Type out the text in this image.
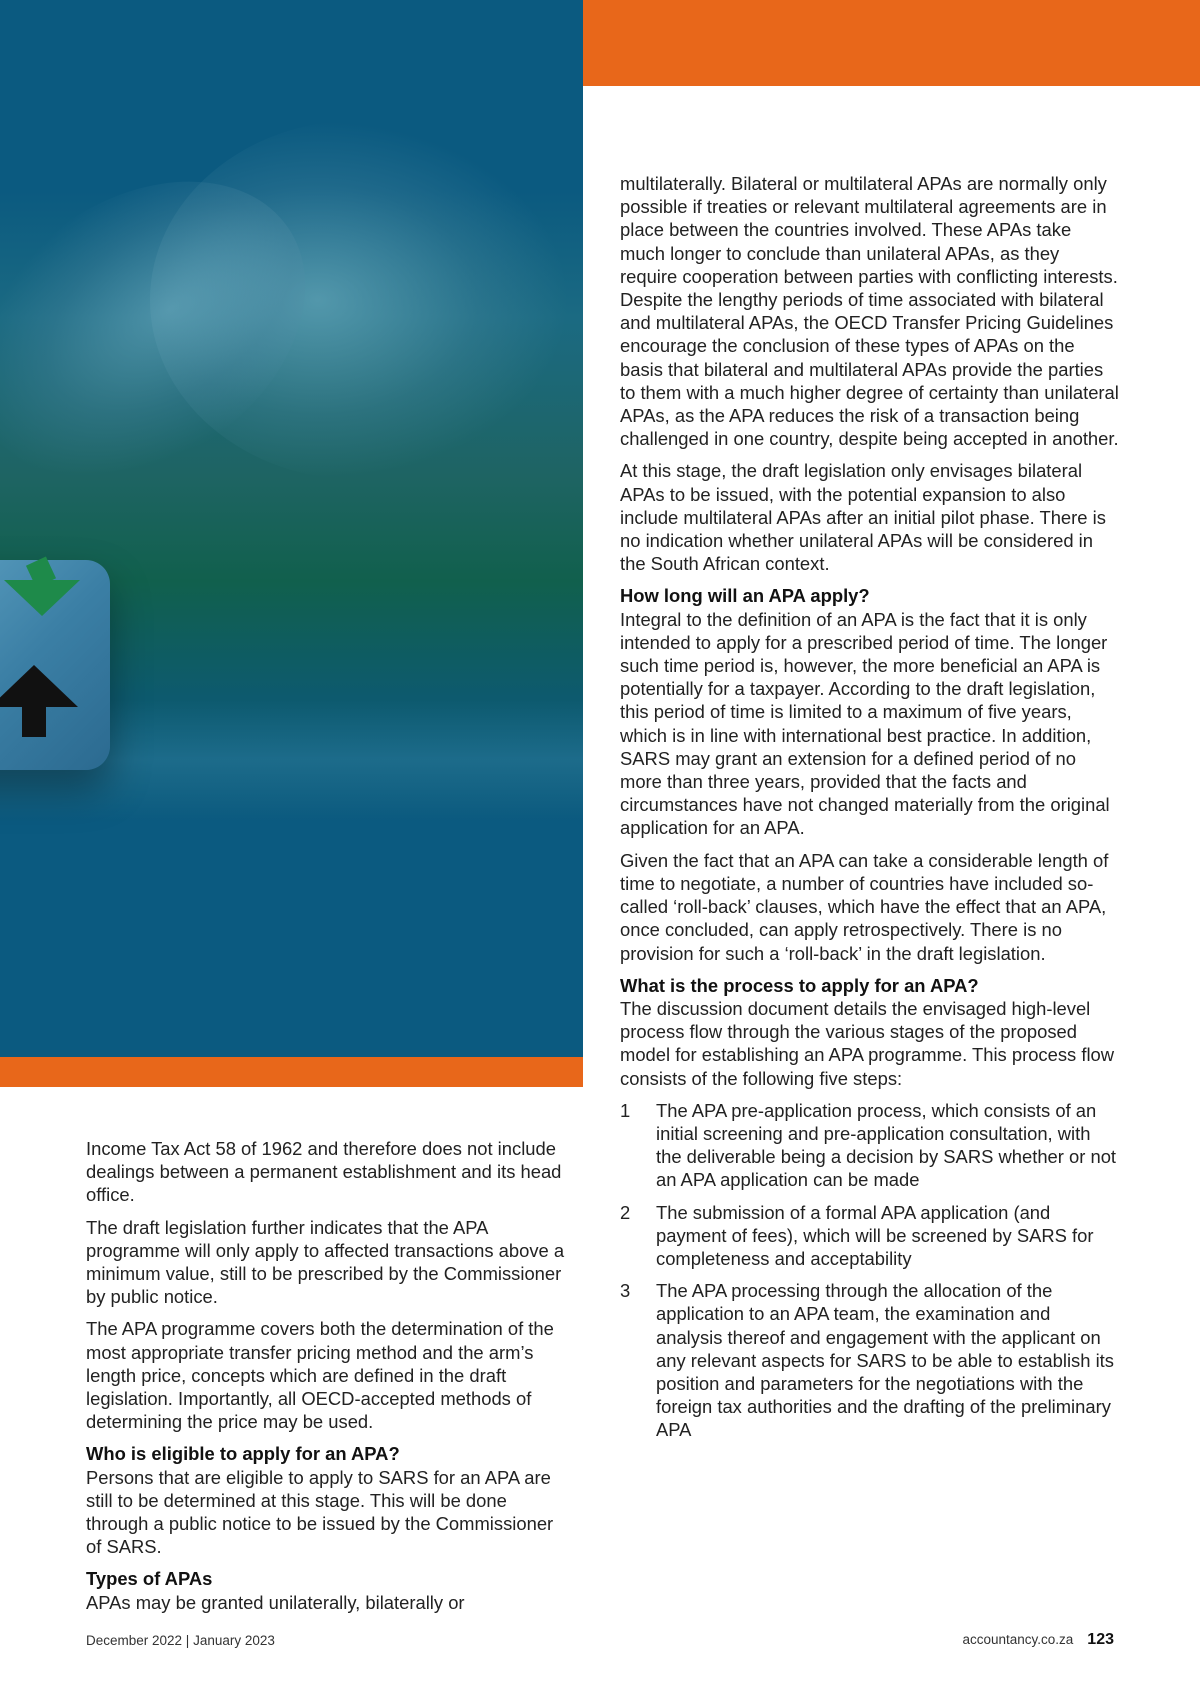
Income Tax Act 58 of 1962 and therefore does not include dealings between a permanent establishment and its head office.

The draft legislation further indicates that the APA programme will only apply to affected transactions above a minimum value, still to be prescribed by the Commissioner by public notice.

The APA programme covers both the determination of the most appropriate transfer pricing method and the arm’s length price, concepts which are defined in the draft legislation. Importantly, all OECD-accepted methods of determining the price may be used.

Who is eligible to apply for an APA?

Persons that are eligible to apply to SARS for an APA are still to be determined at this stage. This will be done through a public notice to be issued by the Commissioner of SARS.

Types of APAs

APAs may be granted unilaterally, bilaterally or

multilaterally. Bilateral or multilateral APAs are normally only possible if treaties or relevant multilateral agreements are in place between the countries involved. These APAs take much longer to conclude than unilateral APAs, as they require cooperation between parties with conflicting interests. Despite the lengthy periods of time associated with bilateral and multilateral APAs, the OECD Transfer Pricing Guidelines encourage the conclusion of these types of APAs on the basis that bilateral and multilateral APAs provide the parties to them with a much higher degree of certainty than unilateral APAs, as the APA reduces the risk of a transaction being challenged in one country, despite being accepted in another.

At this stage, the draft legislation only envisages bilateral APAs to be issued, with the potential expansion to also include multilateral APAs after an initial pilot phase. There is no indication whether unilateral APAs will be considered in the South African context.

How long will an APA apply?

Integral to the definition of an APA is the fact that it is only intended to apply for a prescribed period of time. The longer such time period is, however, the more beneficial an APA is potentially for a taxpayer. According to the draft legislation, this period of time is limited to a maximum of five years, which is in line with international best practice. In addition, SARS may grant an extension for a defined period of no more than three years, provided that the facts and circumstances have not changed materially from the original application for an APA.

Given the fact that an APA can take a considerable length of time to negotiate, a number of countries have included so-called ‘roll-back’ clauses, which have the effect that an APA, once concluded, can apply retrospectively. There is no provision for such a ‘roll-back’ in the draft legislation.

What is the process to apply for an APA?

The discussion document details the envisaged high-level process flow through the various stages of the proposed model for establishing an APA programme. This process flow consists of the following five steps:

1	The APA pre-application process, which consists of an initial screening and pre-application consultation, with the deliverable being a decision by SARS whether or not an APA application can be made
2	The submission of a formal APA application (and payment of fees), which will be screened by SARS for completeness and acceptability
3	The APA processing through the allocation of the application to an APA team, the examination and analysis thereof and engagement with the applicant on any relevant aspects for SARS to be able to establish its position and parameters for the negotiations with the foreign tax authorities and the drafting of the preliminary APA
December 2022 | January 2023	accountancy.co.za 123
